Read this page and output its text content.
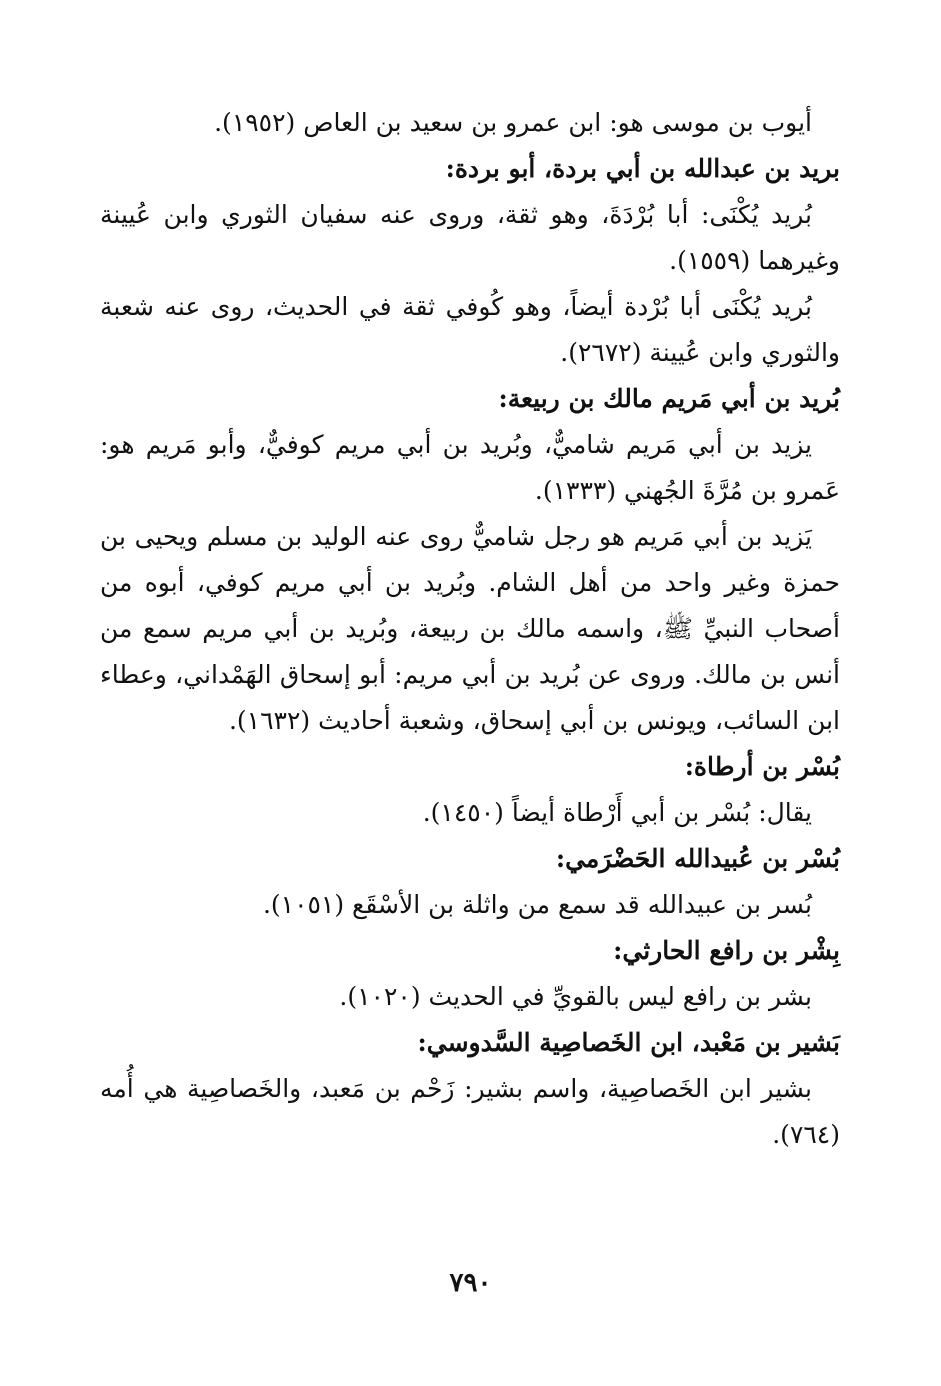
أيوب بن موسى هو: ابن عمرو بن سعيد بن العاص (١٩٥٢).

بريد بن عبدالله بن أبي بردة، أبو بردة:

بُريد يُكْنَى: أبا بُرْدَةَ، وهو ثقة، وروى عنه سفيان الثوري وابن عُيينة وغيرهما (١٥٥٩).

بُريد يُكْنَى أبا بُرْدة أيضاً، وهو كُوفي ثقة في الحديث، روى عنه شعبة والثوري وابن عُيينة (٢٦٧٢).

بُريد بن أبي مَريم مالك بن ربيعة:

يزيد بن أبي مَريم شاميٌّ، وبُريد بن أبي مريم كوفيٌّ، وأبو مَريم هو: عَمرو بن مُرَّةَ الجُهني (١٣٣٣).

يَزيد بن أبي مَريم هو رجل شاميٌّ روى عنه الوليد بن مسلم ويحيى بن حمزة وغير واحد من أهل الشام. وبُريد بن أبي مريم كوفي، أبوه من أصحاب النبيِّ ﷺ، واسمه مالك بن ربيعة، وبُريد بن أبي مريم سمع من أنس بن مالك. وروى عن بُريد بن أبي مريم: أبو إسحاق الهَمْداني، وعطاء ابن السائب، ويونس بن أبي إسحاق، وشعبة أحاديث (١٦٣٢).

بُسْر بن أرطاة:

يقال: بُسْر بن أبي أَرْطاة أيضاً (١٤٥٠).

بُسْر بن عُبيدالله الحَضْرَمي:

بُسر بن عبيدالله قد سمع من واثلة بن الأسْقَع (١٠٥١).

بِشْر بن رافع الحارثي:

بشر بن رافع ليس بالقويِّ في الحديث (١٠٢٠).

بَشير بن مَعْبد، ابن الخَصاصِية السَّدوسي:

بشير ابن الخَصاصِية، واسم بشير: زَحْم بن مَعبد، والخَصاصِية هي أُمه (٧٦٤).

٧٩٠
